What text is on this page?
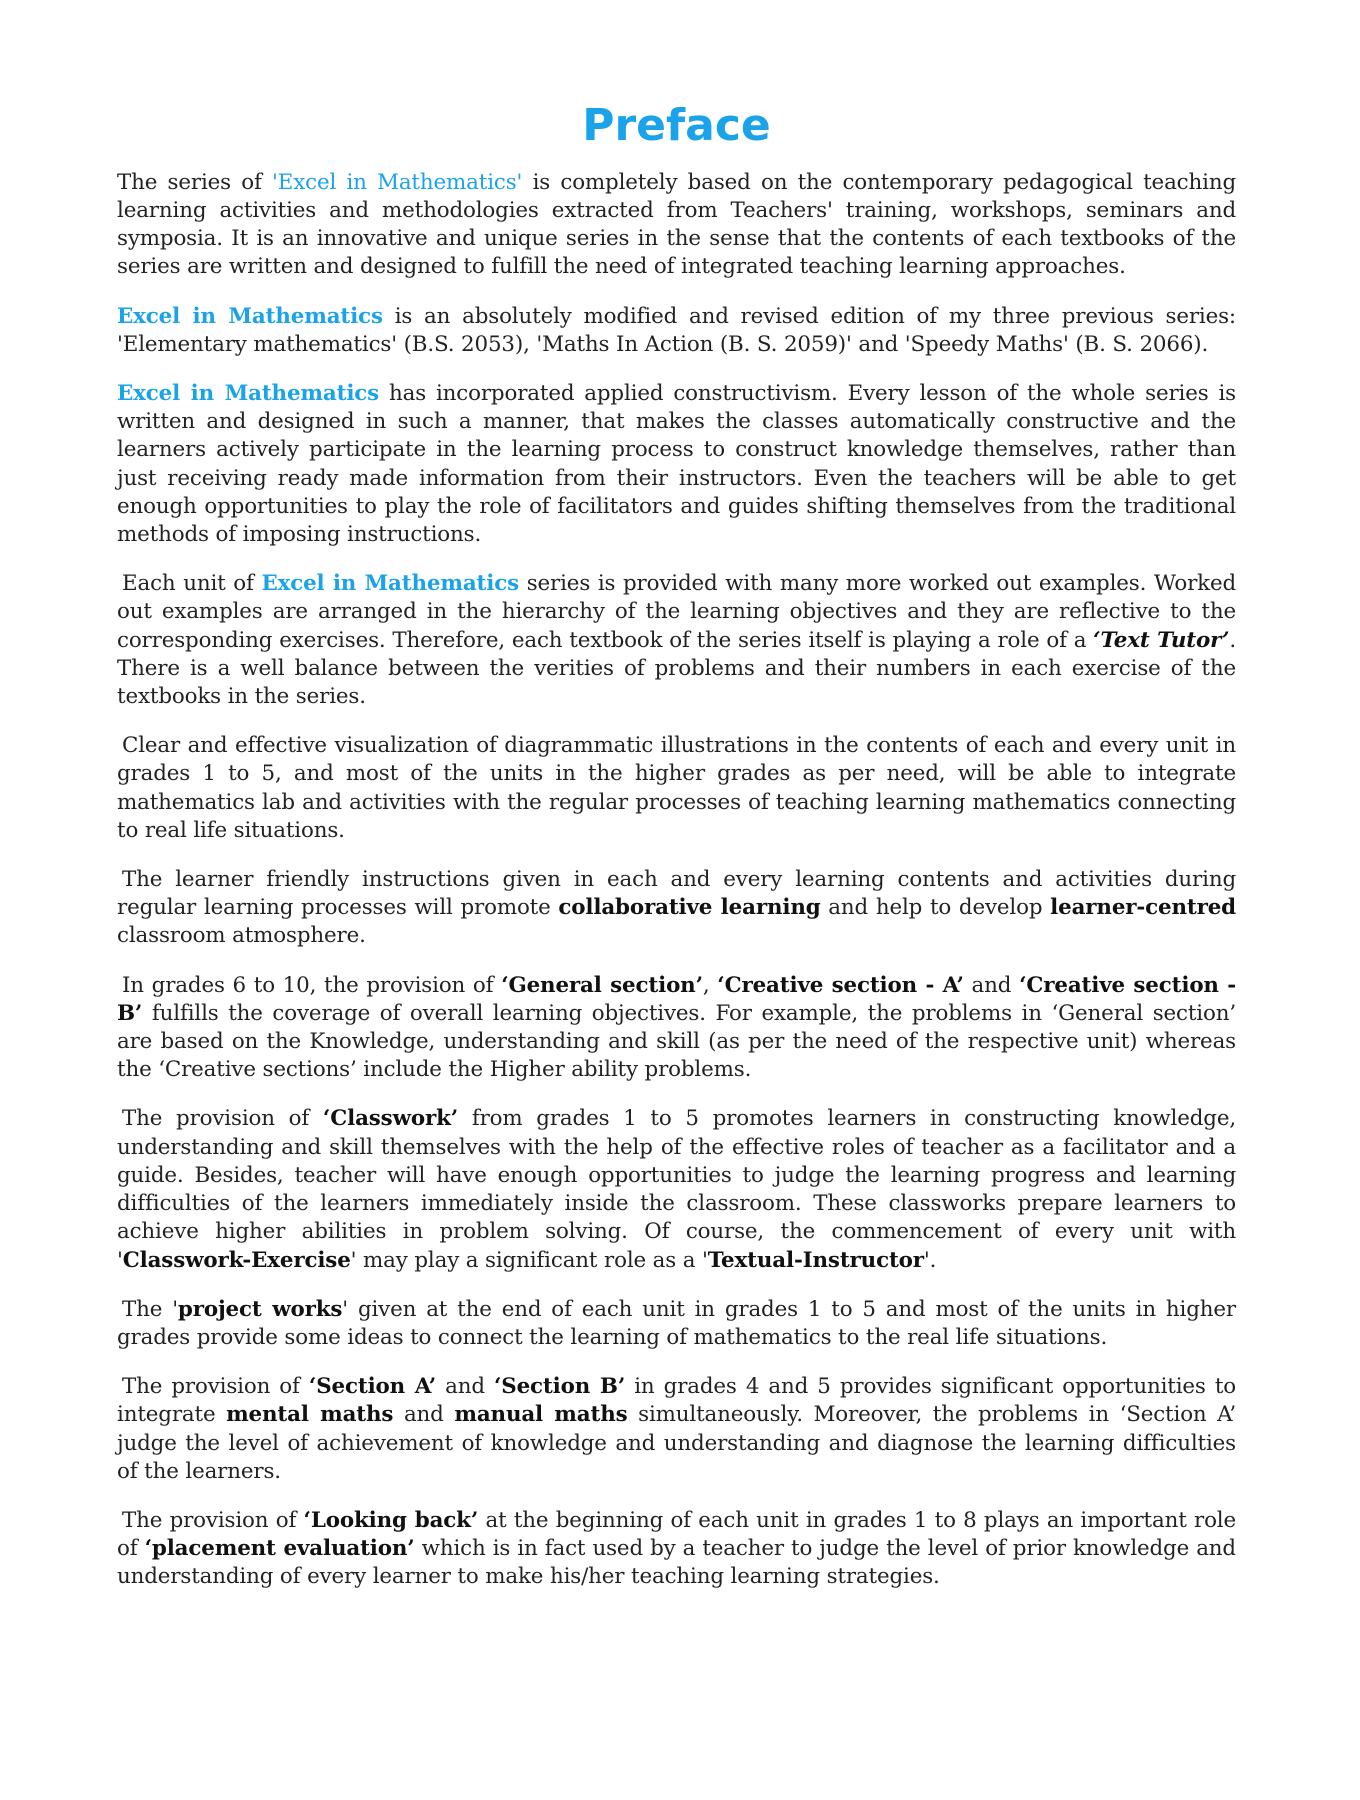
Preface

The series of 'Excel in Mathematics' is completely based on the contemporary pedagogical teaching learning activities and methodologies extracted from Teachers' training, workshops, seminars and symposia. It is an innovative and unique series in the sense that the contents of each textbooks of the series are written and designed to fulfill the need of integrated teaching learning approaches.

Excel in Mathematics is an absolutely modified and revised edition of my three previous series: 'Elementary mathematics' (B.S. 2053), 'Maths In Action (B. S. 2059)' and 'Speedy Maths' (B. S. 2066).

Excel in Mathematics has incorporated applied constructivism. Every lesson of the whole series is written and designed in such a manner, that makes the classes automatically constructive and the learners actively participate in the learning process to construct knowledge themselves, rather than just receiving ready made information from their instructors. Even the teachers will be able to get enough opportunities to play the role of facilitators and guides shifting themselves from the traditional methods of imposing instructions.

Each unit of Excel in Mathematics series is provided with many more worked out examples. Worked out examples are arranged in the hierarchy of the learning objectives and they are reflective to the corresponding exercises. Therefore, each textbook of the series itself is playing a role of a ‘Text Tutor’. There is a well balance between the verities of problems and their numbers in each exercise of the textbooks in the series.

Clear and effective visualization of diagrammatic illustrations in the contents of each and every unit in grades 1 to 5, and most of the units in the higher grades as per need, will be able to integrate mathematics lab and activities with the regular processes of teaching learning mathematics connecting to real life situations.

The learner friendly instructions given in each and every learning contents and activities during regular learning processes will promote collaborative learning and help to develop learner-centred classroom atmosphere.

In grades 6 to 10, the provision of ‘General section’, ‘Creative section - A’ and ‘Creative section - B’ fulfills the coverage of overall learning objectives. For example, the problems in ‘General section’ are based on the Knowledge, understanding and skill (as per the need of the respective unit) whereas the ‘Creative sections’ include the Higher ability problems.

The provision of ‘Classwork’ from grades 1 to 5 promotes learners in constructing knowledge, understanding and skill themselves with the help of the effective roles of teacher as a facilitator and a guide. Besides, teacher will have enough opportunities to judge the learning progress and learning difficulties of the learners immediately inside the classroom. These classworks prepare learners to achieve higher abilities in problem solving. Of course, the commencement of every unit with 'Classwork-Exercise' may play a significant role as a 'Textual-Instructor'.

The 'project works' given at the end of each unit in grades 1 to 5 and most of the units in higher grades provide some ideas to connect the learning of mathematics to the real life situations.

The provision of ‘Section A’ and ‘Section B’ in grades 4 and 5 provides significant opportunities to integrate mental maths and manual maths simultaneously. Moreover, the problems in ‘Section A’ judge the level of achievement of knowledge and understanding and diagnose the learning difficulties of the learners.

The provision of ‘Looking back’ at the beginning of each unit in grades 1 to 8 plays an important role of ‘placement evaluation’ which is in fact used by a teacher to judge the level of prior knowledge and understanding of every learner to make his/her teaching learning strategies.
